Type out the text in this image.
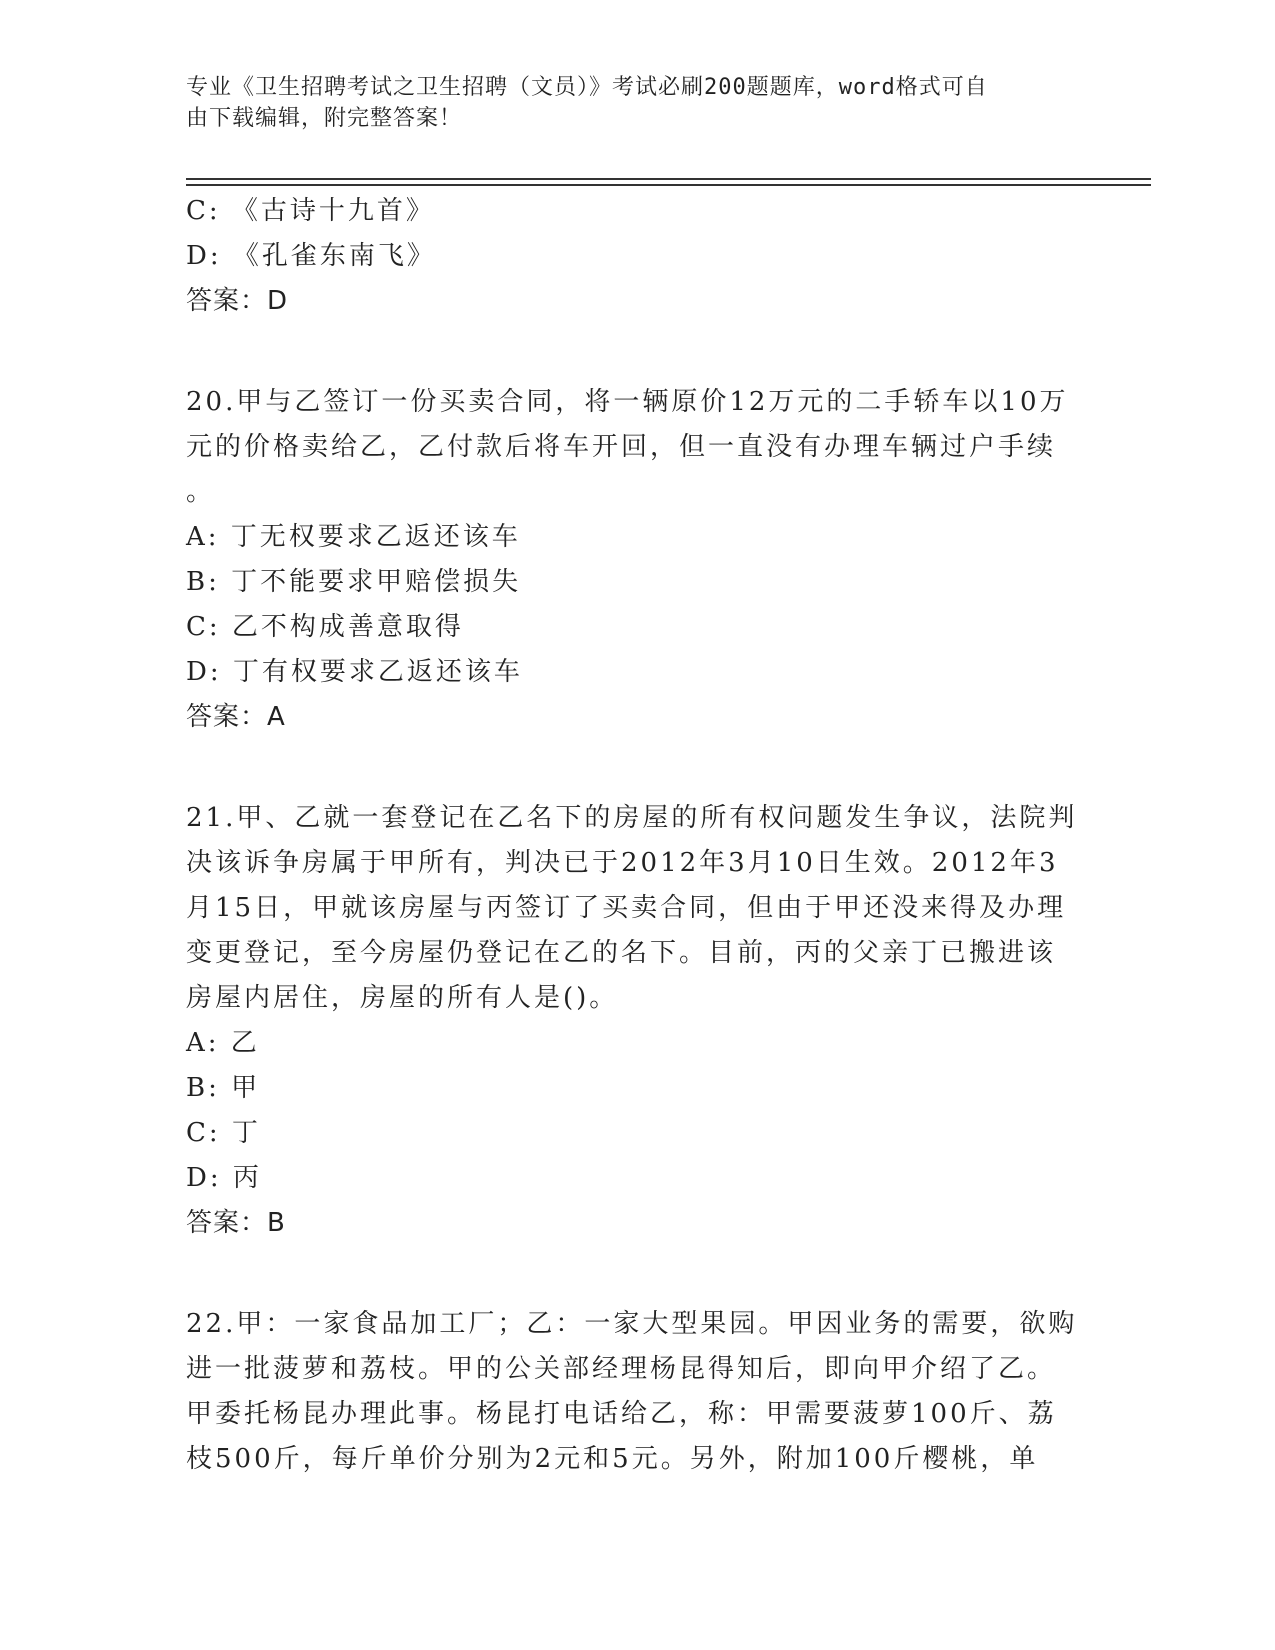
专业《卫生招聘考试之卫生招聘（文员）》考试必刷200题题库，word格式可自
由下载编辑，附完整答案！
C: 《古诗十九首》
D: 《孔雀东南飞》
答案：D
20.甲与乙签订一份买卖合同，将一辆原价12万元的二手轿车以10万
元的价格卖给乙，乙付款后将车开回，但一直没有办理车辆过户手续
。
A: 丁无权要求乙返还该车
B: 丁不能要求甲赔偿损失
C: 乙不构成善意取得
D: 丁有权要求乙返还该车
答案：A
21.甲、乙就一套登记在乙名下的房屋的所有权问题发生争议，法院判
决该诉争房属于甲所有，判决已于2012年3月10日生效。2012年3
月15日，甲就该房屋与丙签订了买卖合同，但由于甲还没来得及办理
变更登记，至今房屋仍登记在乙的名下。目前，丙的父亲丁已搬进该
房屋内居住，房屋的所有人是()。
A: 乙
B: 甲
C: 丁
D: 丙
答案：B
22.甲：一家食品加工厂；乙：一家大型果园。甲因业务的需要，欲购
进一批菠萝和荔枝。甲的公关部经理杨昆得知后，即向甲介绍了乙。
甲委托杨昆办理此事。杨昆打电话给乙，称：甲需要菠萝100斤、荔
枝500斤，每斤单价分别为2元和5元。另外，附加100斤樱桃，单
